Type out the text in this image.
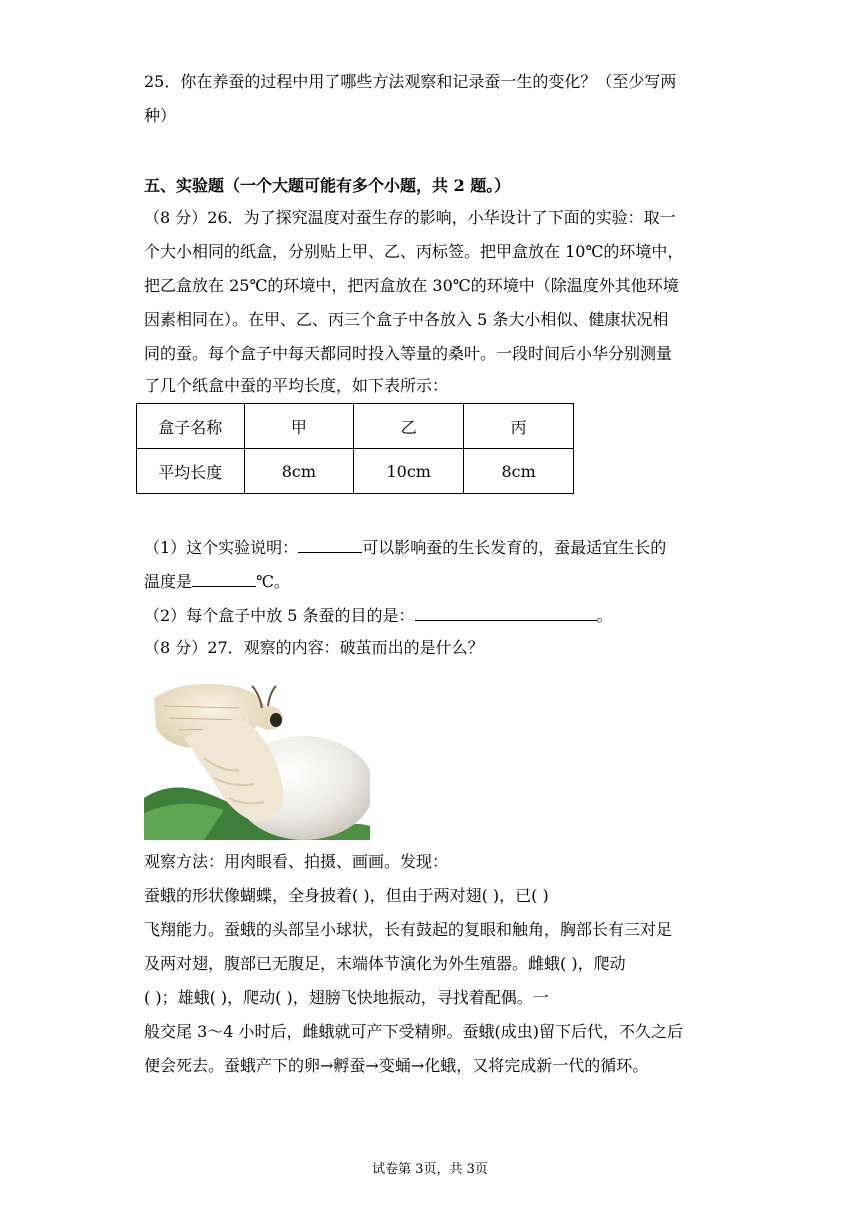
25．你在养蚕的过程中用了哪些方法观察和记录蚕一生的变化？（至少写两
种）
五、实验题（一个大题可能有多个小题，共 2 题。）
（8 分）26．为了探究温度对蚕生存的影响，小华设计了下面的实验：取一
个大小相同的纸盒，分别贴上甲、乙、丙标签。把甲盒放在 10℃的环境中，
把乙盒放在 25℃的环境中，把丙盒放在 30℃的环境中（除温度外其他环境
因素相同在）。在甲、乙、丙三个盒子中各放入 5 条大小相似、健康状况相
同的蚕。每个盒子中每天都同时投入等量的桑叶。一段时间后小华分别测量
了几个纸盒中蚕的平均长度，如下表所示：
盒子名称	甲	乙	丙
平均长度	8cm	10cm	8cm
（1）这个实验说明：	可以影响蚕的生长发育的，蚕最适宜生长的
温度是	℃。
（2）每个盒子中放 5 条蚕的目的是：	。
（8 分）27．观察的内容：破茧而出的是什么？
观察方法：用肉眼看、拍摄、画画。发现：
蚕蛾的形状像蝴蝶，全身披着( )，但由于两对翅( )，已( )
飞翔能力。蚕蛾的头部呈小球状，长有鼓起的复眼和触角，胸部长有三对足
及两对翅，腹部已无腹足，末端体节演化为外生殖器。雌蛾( )，爬动
( )；雄蛾( )，爬动( )，翅膀飞快地振动，寻找着配偶。一
般交尾 3～4 小时后，雌蛾就可产下受精卵。蚕蛾(成虫)留下后代，不久之后
便会死去。蚕蛾产下的卵→孵蚕→变蛹→化蛾，又将完成新一代的循环。
试卷第 3页，共 3页
